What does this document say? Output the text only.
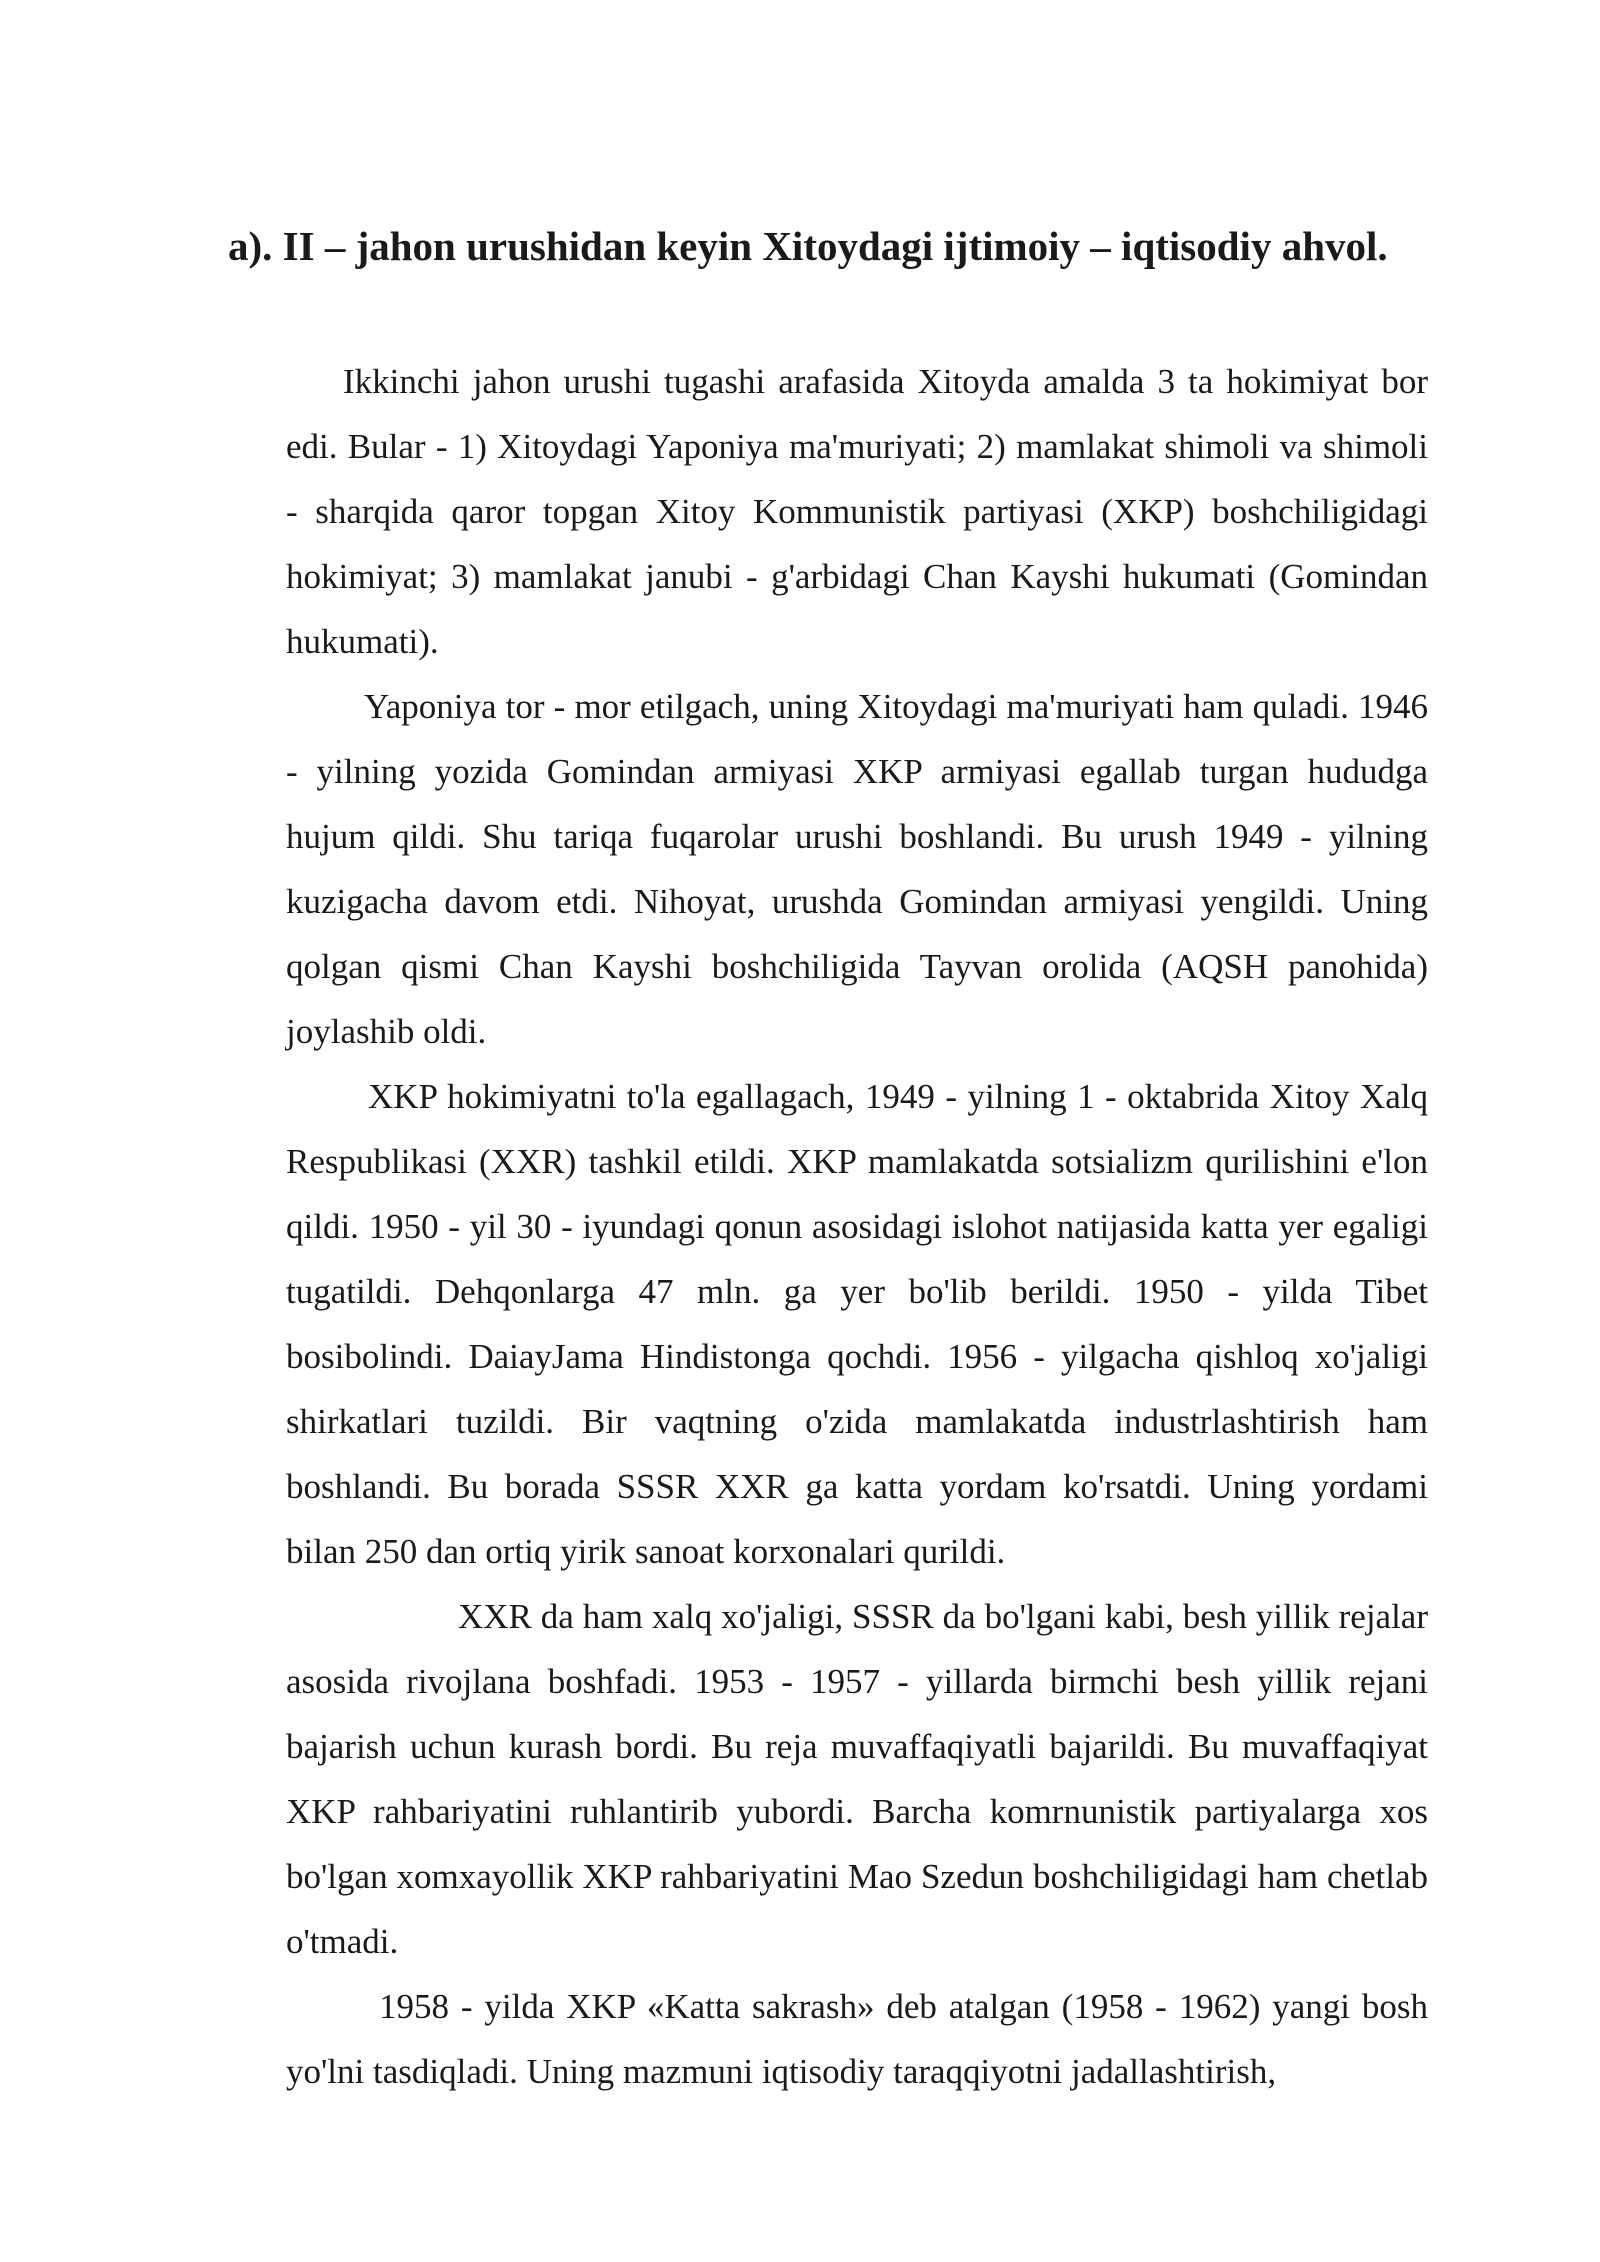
a). II – jahon urushidan keyin Xitoydagi ijtimoiy – iqtisodiy ahvol.

Ikkinchi jahon urushi tugashi arafasida Xitoyda amalda 3 ta hokimiyat bor edi. Bular - 1) Xitoydagi Yaponiya ma'muriyati; 2) mamlakat shimoli va shimoli - sharqida qaror topgan Xitoy Kommunistik partiyasi (XKP) boshchiligidagi hokimiyat; 3) mamlakat janubi - g'arbidagi Chan Kayshi hukumati (Gomindan hukumati).

Yaponiya tor - mor etilgach, uning Xitoydagi ma'muriyati ham quladi. 1946 - yilning yozida Gomindan armiyasi XKP armiyasi egallab turgan hududga hujum qildi. Shu tariqa fuqarolar urushi boshlandi. Bu urush 1949 - yilning kuzigacha davom etdi. Nihoyat, urushda Gomindan armiyasi yengildi. Uning qolgan qismi Chan Kayshi boshchiligida Tayvan orolida (AQSH panohida) joylashib oldi.

XKP hokimiyatni to'la egallagach, 1949 - yilning 1 - oktabrida Xitoy Xalq Respublikasi (XXR) tashkil etildi. XKP mamlakatda sotsializm qurilishini e'lon qildi. 1950 - yil 30 - iyundagi qonun asosidagi islohot natijasida katta yer egaligi tugatildi. Dehqonlarga 47 mln. ga yer bo'lib berildi. 1950 - yilda Tibet bosibolindi. DaiayJama Hindistonga qochdi. 1956 - yilgacha qishloq xo'jaligi shirkatlari tuzildi. Bir vaqtning o'zida mamlakatda industrlashtirish ham boshlandi. Bu borada SSSR XXR ga katta yordam ko'rsatdi. Uning yordami bilan 250 dan ortiq yirik sanoat korxonalari qurildi.

XXR da ham xalq xo'jaligi, SSSR da bo'lgani kabi, besh yillik rejalar asosida rivojlana boshfadi. 1953 - 1957 - yillarda birmchi besh yillik rejani bajarish uchun kurash bordi. Bu reja muvaffaqiyatli bajarildi. Bu muvaffaqiyat XKP rahbariyatini ruhlantirib yubordi. Barcha komrnunistik partiyalarga xos bo'lgan xomxayollik XKP rahbariyatini Mao Szedun boshchiligidagi ham chetlab o'tmadi.

1958 - yilda XKP «Katta sakrash» deb atalgan (1958 - 1962) yangi bosh yo'lni tasdiqladi. Uning mazmuni iqtisodiy taraqqiyotni jadallashtirish,
